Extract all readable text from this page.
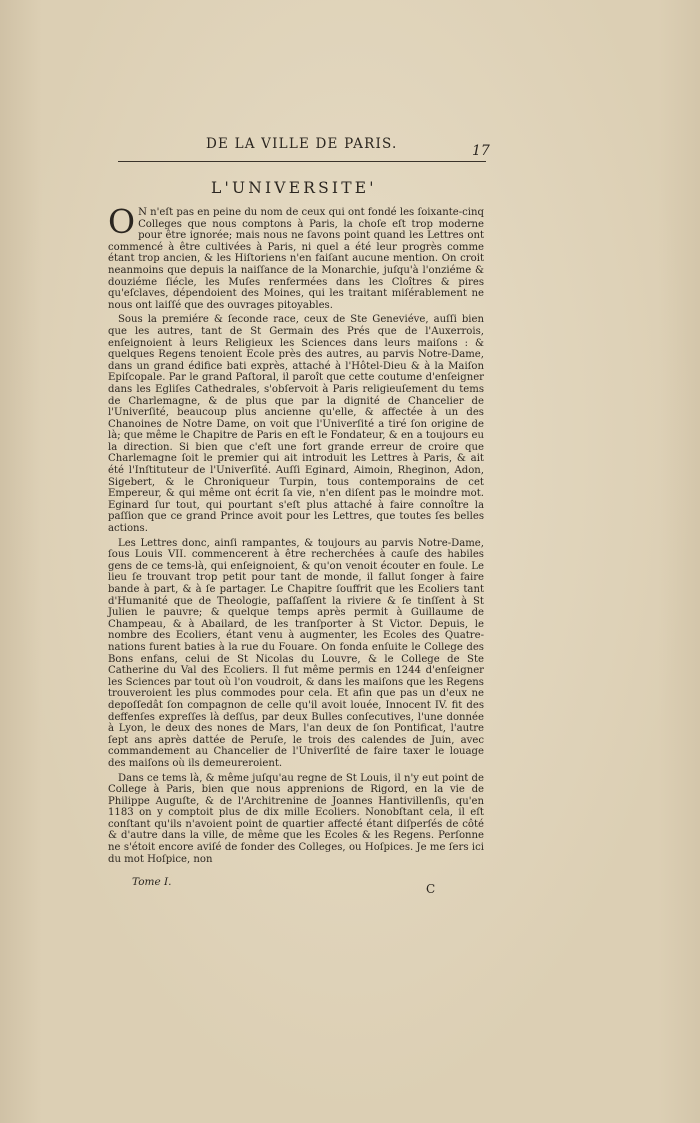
DE LA VILLE DE PARIS.	17
L'UNIVERSITE'

O N n'eſt pas en peine du nom de ceux qui ont fondé les ſoixante-cinq Colleges que nous comptons à Paris, la choſe eſt trop moderne pour être ignorée; mais nous ne ſavons point quand les Lettres ont commencé à être cultivées à Paris, ni quel a été leur progrès comme étant trop ancien, & les Hiſtoriens n'en faiſant aucune mention. On croit neanmoins que depuis la naiſſance de la Monarchie, juſqu'à l'onziéme & douziéme ſiécle, les Muſes renfermées dans les Cloîtres & pires qu'eſclaves, dépendoient des Moines, qui les traitant miſérablement ne nous ont laiſſé que des ouvrages pitoyables.

Sous la premiére & ſeconde race, ceux de Ste Geneviéve, auſſi bien que les autres, tant de St Germain des Prés que de l'Auxerrois, enſeignoient à leurs Religieux les Sciences dans leurs maiſons : & quelques Regens tenoient Ecole près des autres, au parvis Notre-Dame, dans un grand édifice bati exprès, attaché à l'Hôtel-Dieu & à la Maiſon Epiſcopale. Par le grand Paſtoral, il paroît que cette coutume d'enſeigner dans les Egliſes Cathedrales, s'obſervoit à Paris religieuſement du tems de Charlemagne, & de plus que par la dignité de Chancelier de l'Univerſité, beaucoup plus ancienne qu'elle, & affectée à un des Chanoines de Notre Dame, on voit que l'Univerſité a tiré ſon origine de là; que même le Chapitre de Paris en eſt le Fondateur, & en a toujours eu la direction. Si bien que c'eſt une fort grande erreur de croire que Charlemagne ſoit le premier qui ait introduit les Lettres à Paris, & ait été l'Inſtituteur de l'Univerſité. Auſſi Eginard, Aimoin, Rheginon, Adon, Sigebert, & le Chroniqueur Turpin, tous contemporains de cet Empereur, & qui même ont écrit ſa vie, n'en diſent pas le moindre mot. Eginard ſur tout, qui pourtant s'eſt plus attaché à faire connoître la paſſion que ce grand Prince avoit pour les Lettres, que toutes ſes belles actions.

Les Lettres donc, ainſi rampantes, & toujours au parvis Notre-Dame, ſous Louis VII. commencerent à être recherchées à cauſe des habiles gens de ce tems-là, qui enſeignoient, & qu'on venoit écouter en foule. Le lieu ſe trouvant trop petit pour tant de monde, il fallut ſonger à faire bande à part, & à ſe partager. Le Chapitre ſouffrit que les Ecoliers tant d'Humanité que de Theologie, paſſaſſent la riviere & ſe tinſſent à St Julien le pauvre; & quelque temps après permit à Guillaume de Champeau, & à Abailard, de les tranſporter à St Victor. Depuis, le nombre des Ecoliers, étant venu à augmenter, les Ecoles des Quatre-nations furent baties à la rue du Fouare. On fonda enſuite le College des Bons enfans, celui de St Nicolas du Louvre, & le College de Ste Catherine du Val des Ecoliers. Il fut même permis en 1244 d'enſeigner les Sciences par tout où l'on voudroit, & dans les maiſons que les Regens trouveroient les plus commodes pour cela. Et afin que pas un d'eux ne depoſſedât ſon compagnon de celle qu'il avoit louée, Innocent IV. fit des deffenſes expreſſes là deſſus, par deux Bulles conſecutives, l'une donnée à Lyon, le deux des nones de Mars, l'an deux de ſon Pontificat, l'autre ſept ans après dattée de Peruſe, le trois des calendes de Juin, avec commandement au Chancelier de l'Univerſité de faire taxer le louage des maiſons où ils demeureroient.

Dans ce tems là, & même juſqu'au regne de St Louis, il n'y eut point de College à Paris, bien que nous apprenions de Rigord, en la vie de Philippe Auguſte, & de l'Architrenine de Joannes Hantivillenſis, qu'en 1183 on y comptoit plus de dix mille Ecoliers. Nonobſtant cela, il eſt conſtant qu'ils n'avoient point de quartier affecté étant diſperſés de côté & d'autre dans la ville, de même que les Ecoles & les Regens. Perſonne ne s'étoit encore aviſé de fonder des Colleges, ou Hoſpices. Je me ſers ici du mot Hoſpice, non

Tome I.	C
